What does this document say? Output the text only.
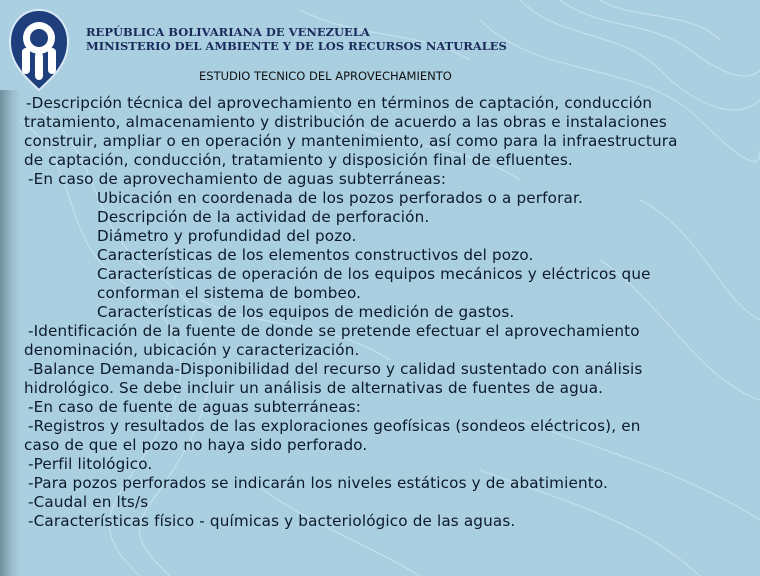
REPÚBLICA BOLIVARIANA DE VENEZUELA
MINISTERIO DEL AMBIENTE Y DE LOS RECURSOS NATURALES
ESTUDIO TECNICO DEL APROVECHAMIENTO
-Descripción técnica del aprovechamiento en términos de captación, conducción
tratamiento, almacenamiento y distribución de acuerdo a las obras e instalaciones
construir, ampliar o en operación y mantenimiento, así como para la infraestructura
de captación, conducción, tratamiento y disposición final de efluentes.
-En caso de aprovechamiento de aguas subterráneas:
Ubicación en coordenada de los pozos perforados o a perforar.
Descripción de la actividad de perforación.
Diámetro y profundidad del pozo.
Características de los elementos constructivos del pozo.
Características de operación de los equipos mecánicos y eléctricos que
conforman el sistema de bombeo.
Características de los equipos de medición de gastos.
-Identificación de la fuente de donde se pretende efectuar el aprovechamiento
denominación, ubicación y caracterización.
-Balance Demanda-Disponibilidad del recurso y calidad sustentado con análisis
hidrológico. Se debe incluir un análisis de alternativas de fuentes de agua.
-En caso de fuente de aguas subterráneas:
-Registros y resultados de las exploraciones geofísicas (sondeos eléctricos), en
caso de que el pozo no haya sido perforado.
-Perfil litológico.
-Para pozos perforados se indicarán los niveles estáticos y de abatimiento.
-Caudal en lts/s
-Características físico - químicas y bacteriológico de las aguas.
